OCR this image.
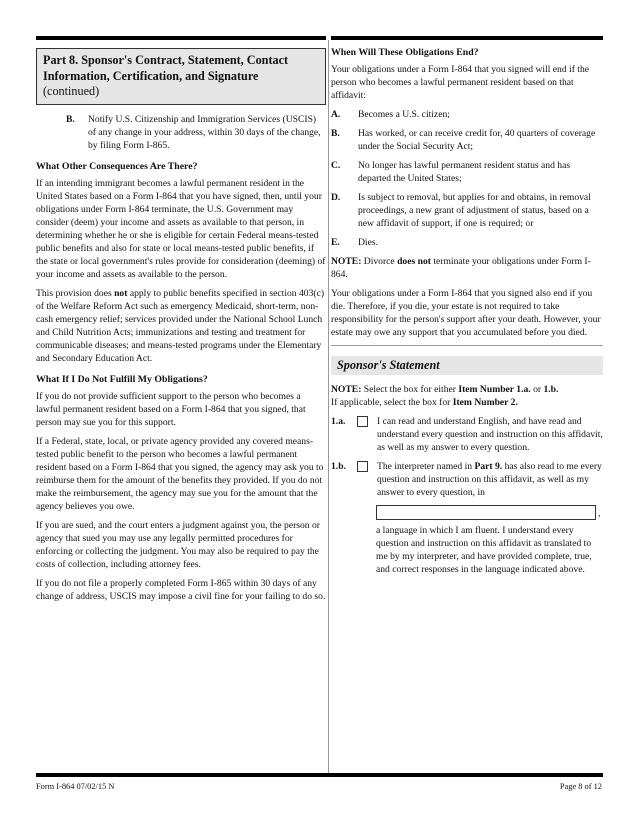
Part 8. Sponsor's Contract, Statement, Contact Information, Certification, and Signature
(continued)
B.	Notify U.S. Citizenship and Immigration Services (USCIS) of any change in your address, within 30 days of the change, by filing Form I-865.
What Other Consequences Are There?

If an intending immigrant becomes a lawful permanent resident in the United States based on a Form I-864 that you have signed, then, until your obligations under Form I-864 terminate, the U.S. Government may consider (deem) your income and assets as available to that person, in determining whether he or she is eligible for certain Federal means-tested public benefits and also for state or local means-tested public benefits, if the state or local government's rules provide for consideration (deeming) of your income and assets as available to the person.

This provision does not apply to public benefits specified in section 403(c) of the Welfare Reform Act such as emergency Medicaid, short-term, non-cash emergency relief; services provided under the National School Lunch and Child Nutrition Acts; immunizations and testing and treatment for communicable diseases; and means-tested programs under the Elementary and Secondary Education Act.

What If I Do Not Fulfill My Obligations?

If you do not provide sufficient support to the person who becomes a lawful permanent resident based on a Form I-864 that you signed, that person may sue you for this support.

If a Federal, state, local, or private agency provided any covered means-tested public benefit to the person who becomes a lawful permanent resident based on a Form I-864 that you signed, the agency may ask you to reimburse them for the amount of the benefits they provided. If you do not make the reimbursement, the agency may sue you for the amount that the agency believes you owe.

If you are sued, and the court enters a judgment against you, the person or agency that sued you may use any legally permitted procedures for enforcing or collecting the judgment. You may also be required to pay the costs of collection, including attorney fees.

If you do not file a properly completed Form I-865 within 30 days of any change of address, USCIS may impose a civil fine for your failing to do so.

When Will These Obligations End?

Your obligations under a Form I-864 that you signed will end if the person who becomes a lawful permanent resident based on that affidavit:

A.	Becomes a U.S. citizen;
B.	Has worked, or can receive credit for, 40 quarters of coverage under the Social Security Act;
C.	No longer has lawful permanent resident status and has departed the United States;
D.	Is subject to removal, but applies for and obtains, in removal proceedings, a new grant of adjustment of status, based on a new affidavit of support, if one is required; or
E.	Dies.

NOTE: Divorce does not terminate your obligations under Form I-864.

Your obligations under a Form I-864 that you signed also end if you die. Therefore, if you die, your estate is not required to take responsibility for the person's support after your death. However, your estate may owe any support that you accumulated before you died.

Sponsor's Statement

NOTE: Select the box for either Item Number 1.a. or 1.b.
If applicable, select the box for Item Number 2.

1.a.	I can read and understand English, and have read and understand every question and instruction on this affidavit, as well as my answer to every question.
1.b.	The interpreter named in Part 9. has also read to me every question and instruction on this affidavit, as well as my answer to every question, in
,

a language in which I am fluent. I understand every question and instruction on this affidavit as translated to me by my interpreter, and have provided complete, true, and correct responses in the language indicated above.

Form I-864 07/02/15 N	Page 8 of 12
